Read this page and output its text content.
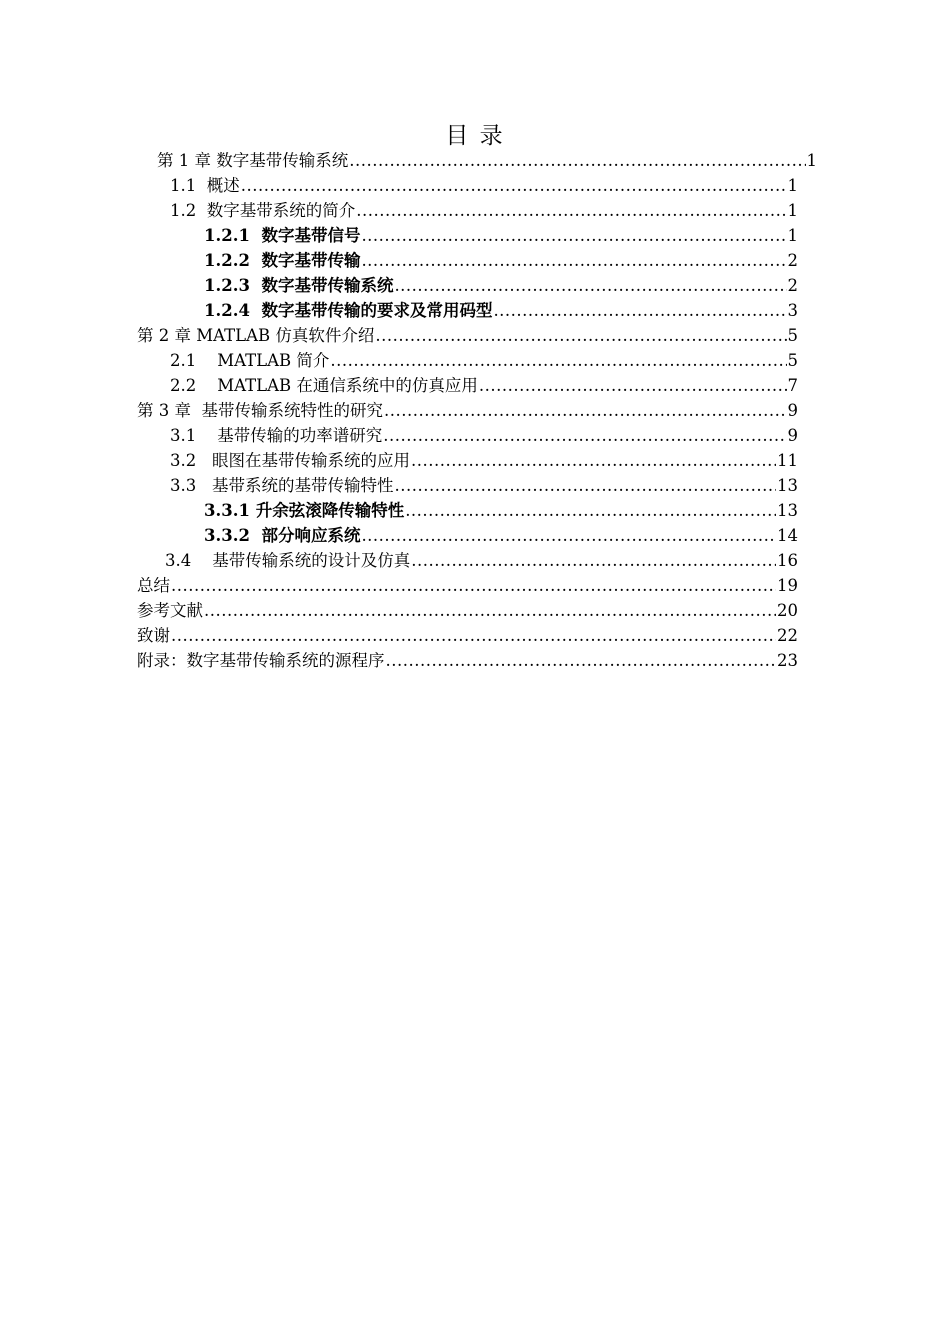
目 录
第 1 章 数字基带传输系统 .....	1
1.1 概述 .....	1
1.2 数字基带系统的简介 .....	1
1.2.1 数字基带信号 .....	1
1.2.2 数字基带传输 .....	2
1.2.3 数字基带传输系统 .....	2
1.2.4 数字基带传输的要求及常用码型 .....	3
第 2 章 MATLAB 仿真软件介绍 .....	5
2.1 MATLAB 简介 .....	5
2.2 MATLAB 在通信系统中的仿真应用 .....	7
第 3 章 基带传输系统特性的研究 .....	9
3.1 基带传输的功率谱研究 .....	9
3.2 眼图在基带传输系统的应用 .....	11
3.3 基带系统的基带传输特性 .....	13
3.3.1 升余弦滚降传输特性 .....	13
3.3.2 部分响应系统 .....	14
3.4 基带传输系统的设计及仿真 .....	16
总结 .....	19
参考文献 .....	20
致谢 .....	22
附录：数字基带传输系统的源程序 .....	23
